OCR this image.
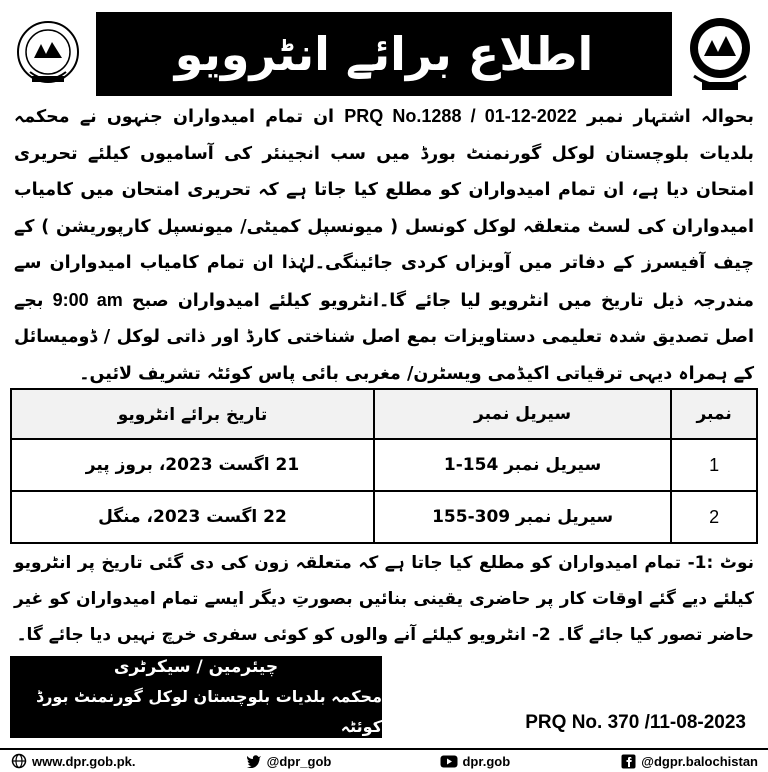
اطلاع برائے انٹرویو
بحوالہ اشتہار نمبر PRQ No.1288 / 01-12-2022 ان تمام امیدواران جنہوں نے محکمہ بلدیات بلوچستان لوکل گورنمنٹ بورڈ میں سب انجینئر کی آسامیوں کیلئے تحریری امتحان دیا ہے، ان تمام امیدواران کو مطلع کیا جاتا ہے کہ تحریری امتحان میں کامیاب امیدواران کی لسٹ متعلقہ لوکل کونسل ( میونسپل کمیٹی/ میونسپل کارپوریشن ) کے چیف آفیسرز کے دفاتر میں آویزاں کردی جائینگی۔لہٰذا ان تمام کامیاب امیدواران سے مندرجہ ذیل تاریخ میں انٹرویو لیا جائے گا۔انٹرویو کیلئے امیدواران صبح 9:00 am بجے اصل تصدیق شدہ تعلیمی دستاویزات بمع اصل شناختی کارڈ اور ذاتی لوکل / ڈومیسائل کے ہمراہ دیہی ترقیاتی اکیڈمی ویسٹرن/ مغربی بائی پاس کوئٹہ تشریف لائیں۔
نمبر	سیریل نمبر	تاریخ برائے انٹرویو
1	سیریل نمبر 154-1	21 اگست 2023، بروز پیر
2	سیریل نمبر 309-155	22 اگست 2023، منگل
نوٹ :1- تمام امیدواران کو مطلع کیا جاتا ہے کہ متعلقہ زون کی دی گئی تاریخ پر انٹرویو کیلئے دیے گئے اوقات کار پر حاضری یقینی بنائیں بصورتِ دیگر ایسے تمام امیدواران کو غیر حاضر تصور کیا جائے گا۔ 2- انٹرویو کیلئے آنے والوں کو کوئی سفری خرچ نہیں دیا جائے گا۔
چیئرمین / سیکرٹری
محکمہ بلدیات بلوچستان لوکل گورنمنٹ بورڈ کوئٹہ	PRQ No. 370 /11-08-2023
www.dpr.gob.pk.	@dpr_gob	dpr.gob	@dgpr.balochistan
